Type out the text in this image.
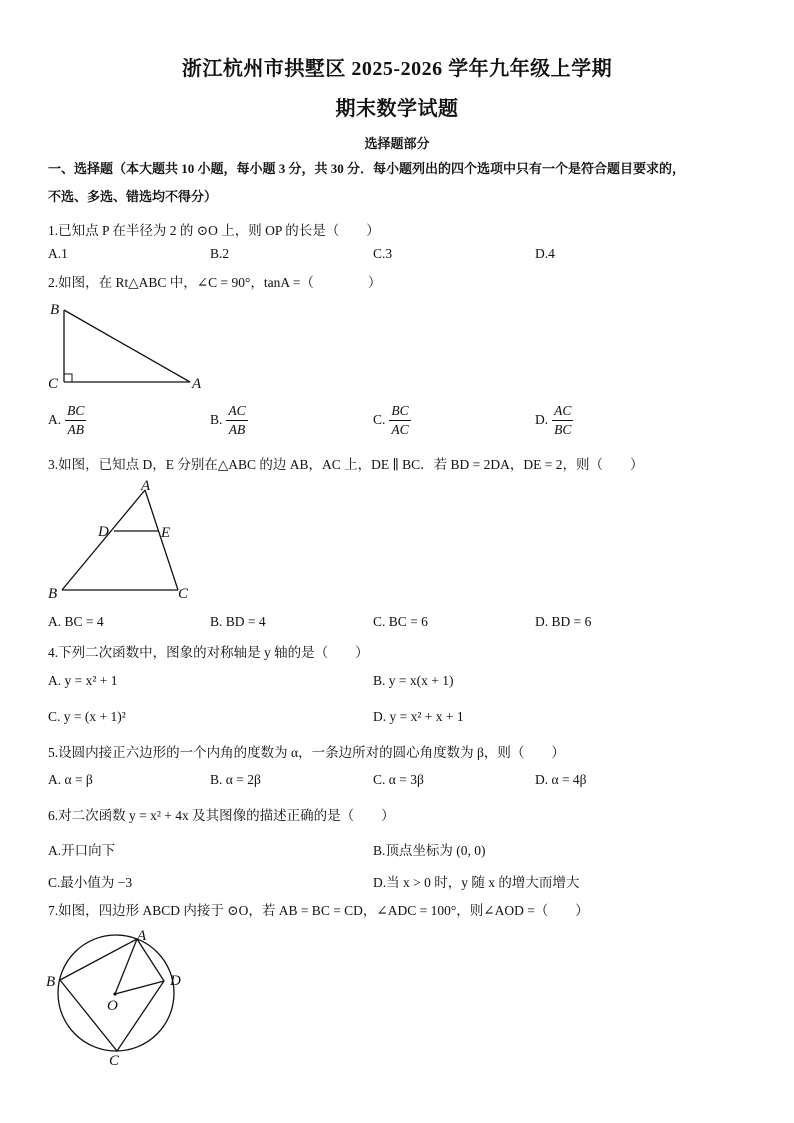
浙江杭州市拱墅区 2025-2026 学年九年级上学期
期末数学试题
选择题部分
一、选择题（本大题共 10 小题，每小题 3 分，共 30 分．每小题列出的四个选项中只有一个是符合题目要求的，
不选、多选、错选均不得分）
1.已知点 P 在半径为 2 的 ⊙O 上，则 OP 的长是（　　）
A.1	B.2	C.3	D.4
2.如图，在 Rt△ABC 中，∠C = 90°，tanA =（　　　　）
B
C	A
A. $\frac{BC}{AB}$	B. $\frac{AC}{AB}$	C. $\frac{BC}{AC}$	D. $\frac{AC}{BC}$
3.如图，已知点 D，E 分别在△ABC 的边 AB，AC 上，DE ∥ BC．若 BD = 2DA，DE = 2，则（　　）
A
D	E
B	C
A. BC = 4	B. BD = 4	C. BC = 6	D. BD = 6
4.下列二次函数中，图象的对称轴是 y 轴的是（　　）
A. y = x² + 1	B. y = x(x + 1)
C. y = (x + 1)²	D. y = x² + x + 1
5.设圆内接正六边形的一个内角的度数为 α，一条边所对的圆心角度数为 β，则（　　）
A. α = β	B. α = 2β	C. α = 3β	D. α = 4β
6.对二次函数 y = x² + 4x 及其图像的描述正确的是（　　）
A.开口向下	B.顶点坐标为 (0, 0)
C.最小值为 −3	D.当 x > 0 时，y 随 x 的增大而增大
7.如图，四边形 ABCD 内接于 ⊙O，若 AB = BC = CD，∠ADC = 100°，则∠AOD =（　　）
A
B
O
D
C
